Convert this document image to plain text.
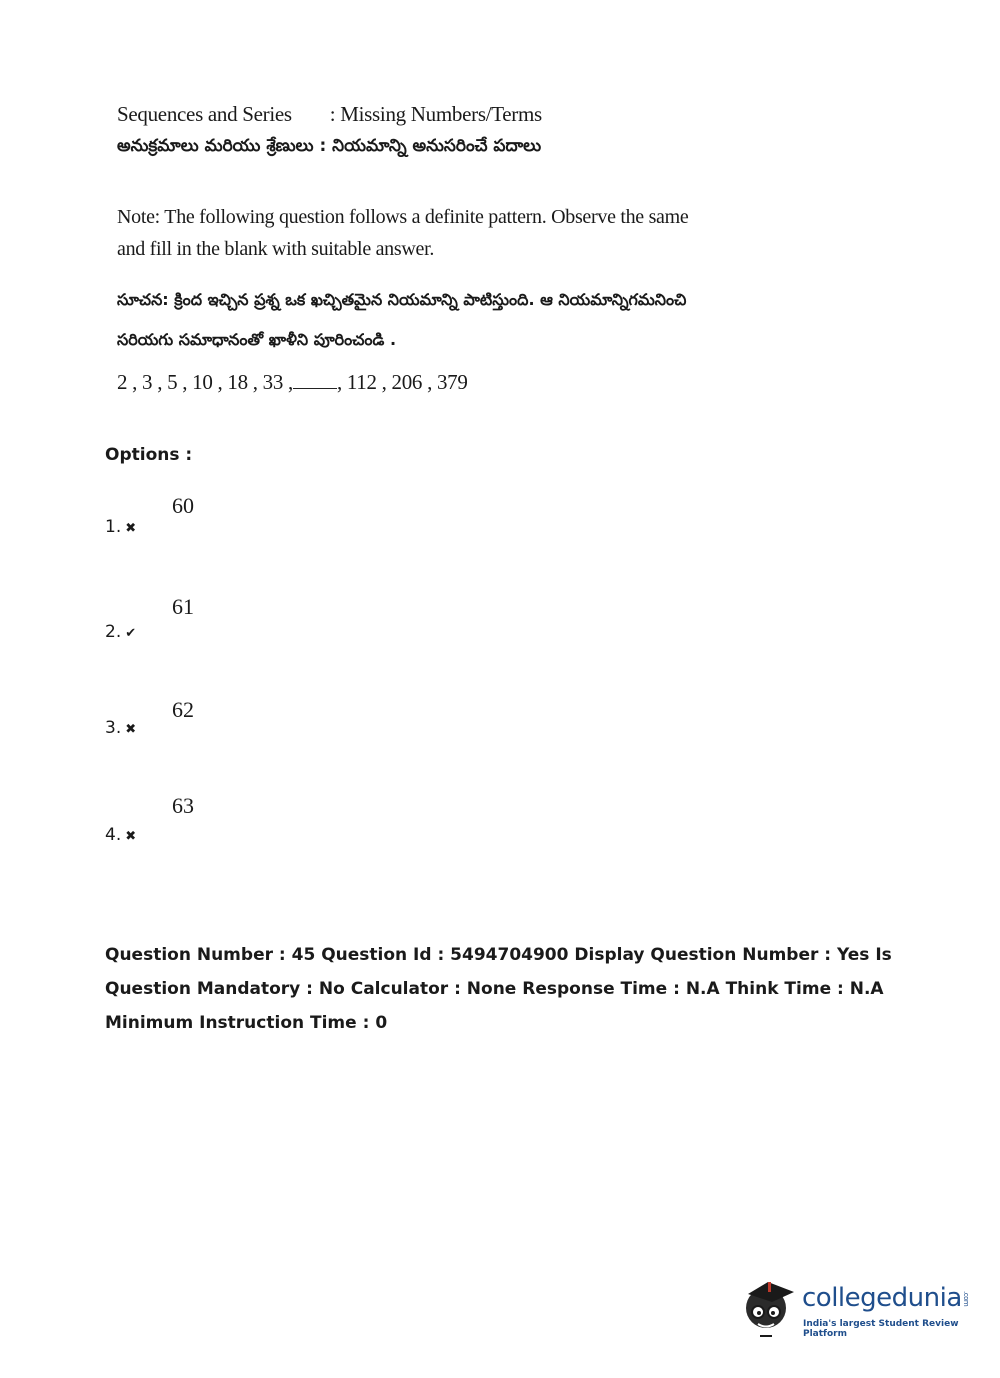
Sequences and Series : Missing Numbers/Terms
అనుక్రమాలు మరియు శ్రేణులు : నియమాన్ని అనుసరించే పదాలు
Note: The following question follows a definite pattern. Observe the same and fill in the blank with suitable answer.
సూచన: క్రింద ఇచ్చిన ప్రశ్న ఒక ఖచ్చితమైన నియమాన్ని పాటిస్తుంది. ఆ నియమాన్నిగమనించి సరియగు సమాధానంతో ఖాళీని పూరించండి .
2 , 3 , 5 , 10 , 18 , 33 , , 112 , 206 , 379
Options :
60
1. ✖
61
2. ✔
62
3. ✖
63
4. ✖
Question Number : 45 Question Id : 5494704900 Display Question Number : Yes Is Question Mandatory : No Calculator : None Response Time : N.A Think Time : N.A Minimum Instruction Time : 0
collegedunia.com
India's largest Student Review Platform
